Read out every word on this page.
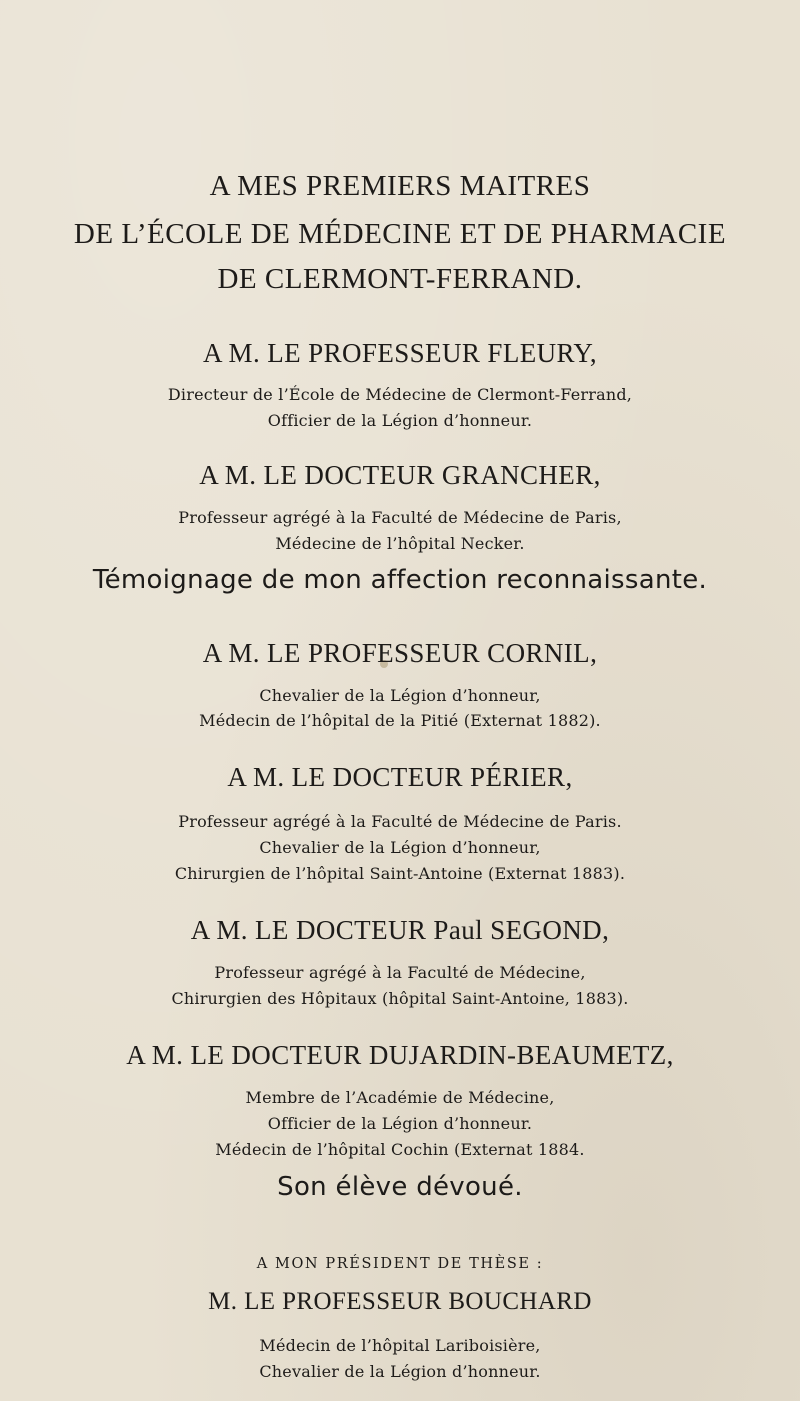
A MES PREMIERS MAITRES
DE L’ÉCOLE DE MÉDECINE ET DE PHARMACIE
DE CLERMONT-FERRAND.
A M. LE PROFESSEUR FLEURY,
Directeur de l’École de Médecine de Clermont-Ferrand,
Officier de la Légion d’honneur.
A M. LE DOCTEUR GRANCHER,
Professeur agrégé à la Faculté de Médecine de Paris,
Médecine de l’hôpital Necker.
Témoignage de mon affection reconnaissante.
A M. LE PROFESSEUR CORNIL,
Chevalier de la Légion d’honneur,
Médecin de l’hôpital de la Pitié (Externat 1882).
A M. LE DOCTEUR PÉRIER,
Professeur agrégé à la Faculté de Médecine de Paris.
Chevalier de la Légion d’honneur,
Chirurgien de l’hôpital Saint-Antoine (Externat 1883).
A M. LE DOCTEUR Paul SEGOND,
Professeur agrégé à la Faculté de Médecine,
Chirurgien des Hôpitaux (hôpital Saint-Antoine, 1883).
A M. LE DOCTEUR DUJARDIN-BEAUMETZ,
Membre de l’Académie de Médecine,
Officier de la Légion d’honneur.
Médecin de l’hôpital Cochin (Externat 1884.
Son élève dévoué.
A MON PRÉSIDENT DE THÈSE :
M. LE PROFESSEUR BOUCHARD
Médecin de l’hôpital Lariboisière,
Chevalier de la Légion d’honneur.
